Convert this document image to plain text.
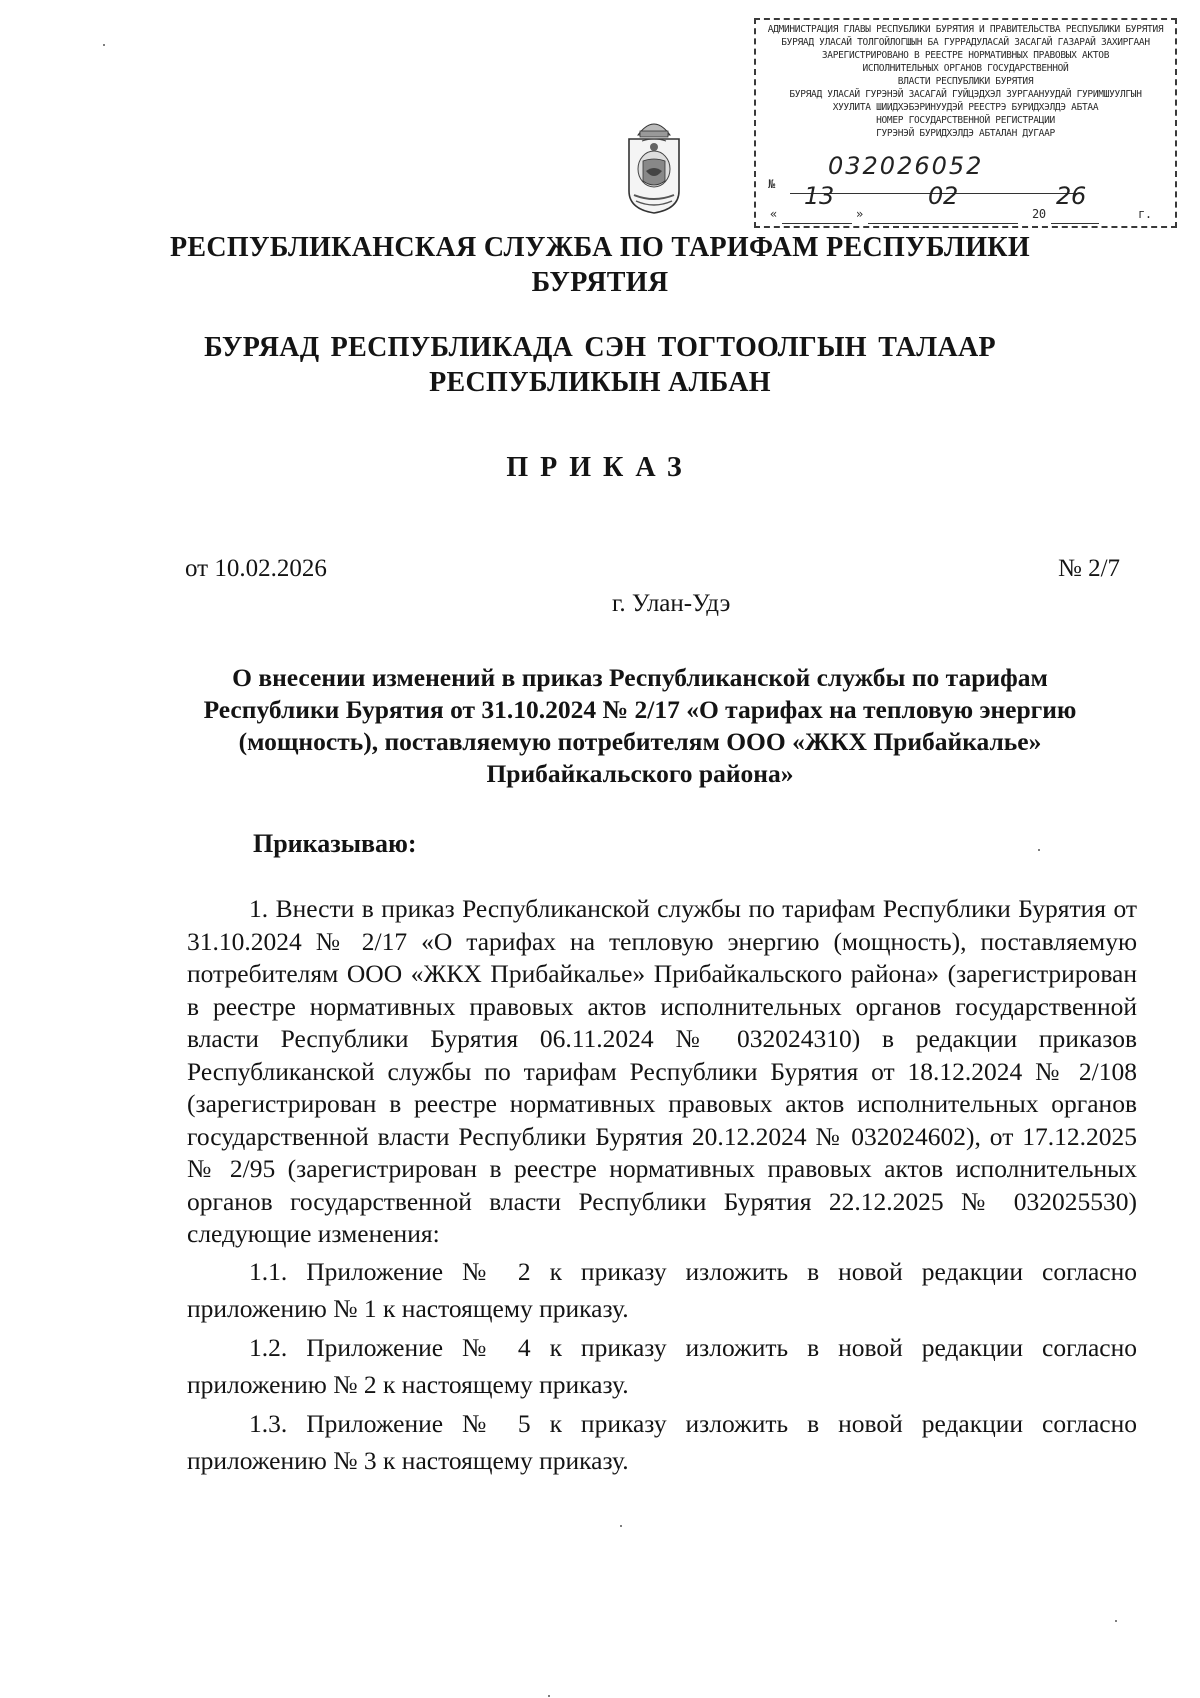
АДМИНИСТРАЦИЯ ГЛАВЫ РЕСПУБЛИКИ БУРЯТИЯ И ПРАВИТЕЛЬСТВА РЕСПУБЛИКИ БУРЯТИЯ
БУРЯАД УЛАСАЙ ТОЛГОЙЛОГШЫН БА ГУРРАДУЛАСАЙ ЗАСАГАЙ ГАЗАРАЙ ЗАХИРГААН
ЗАРЕГИСТРИРОВАНО В РЕЕСТРЕ НОРМАТИВНЫХ ПРАВОВЫХ АКТОВ
ИСПОЛНИТЕЛЬНЫХ ОРГАНОВ ГОСУДАРСТВЕННОЙ
ВЛАСТИ РЕСПУБЛИКИ БУРЯТИЯ
БУРЯАД УЛАСАЙ ГУРЭНЭЙ ЗАСАГАЙ ГУЙЦЭДХЭЛ ЗУРГААНУУДАЙ ГУРИМШУУЛГЫН
ХУУЛИТА ШИИДХЭБЭРИНУУДЭЙ РЕЕСТРЭ БУРИДХЭЛДЭ АБТАА
НОМЕР ГОСУДАРСТВЕННОЙ РЕГИСТРАЦИИ
ГУРЭНЭЙ БУРИДХЭЛДЭ АБТАЛАН ДУГААР
№
032026052
«
13
»
02
20
26
г.
РЕСПУБЛИКАНСКАЯ СЛУЖБА ПО ТАРИФАМ РЕСПУБЛИКИ
БУРЯТИЯ
БУРЯАД РЕСПУБЛИКАДА СЭН ТОГТООЛГЫН ТАЛААР
РЕСПУБЛИКЫН АЛБАН
ПРИКАЗ
от 10.02.2026	№ 2/7
г. Улан-Удэ
О внесении изменений в приказ Республиканской службы по тарифам
Республики Бурятия от 31.10.2024 № 2/17 «О тарифах на тепловую энергию
(мощность), поставляемую потребителям ООО «ЖКХ Прибайкалье»
Прибайкальского района»
Приказываю:

1. Внести в приказ Республиканской службы по тарифам Республики Бурятия от 31.10.2024 № 2/17 «О тарифах на тепловую энергию (мощность), поставляемую потребителям ООО «ЖКХ Прибайкалье» Прибайкальского района» (зарегистрирован в реестре нормативных правовых актов исполнительных органов государственной власти Республики Бурятия 06.11.2024 № 032024310) в редакции приказов Республиканской службы по тарифам Республики Бурятия от 18.12.2024 № 2/108 (зарегистрирован в реестре нормативных правовых актов исполнительных органов государственной власти Республики Бурятия 20.12.2024 № 032024602), от 17.12.2025 № 2/95 (зарегистрирован в реестре нормативных правовых актов исполнительных органов государственной власти Республики Бурятия 22.12.2025 № 032025530) следующие изменения:

1.1. Приложение № 2 к приказу изложить в новой редакции согласно приложению № 1 к настоящему приказу.

1.2. Приложение № 4 к приказу изложить в новой редакции согласно приложению № 2 к настоящему приказу.

1.3. Приложение № 5 к приказу изложить в новой редакции согласно приложению № 3 к настоящему приказу.
